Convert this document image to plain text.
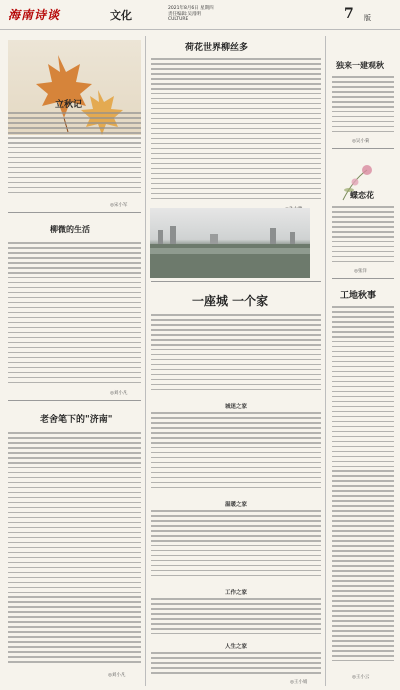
海南诗谈	文化
2021年8月6日 星期四
责任编辑:吴漫明
CULTURE	7 版
立秋记
◎宋小军
柳微的生活
◎刘小凡
老舍笔下的"济南"
◎刘小凡
荷花世界柳丝多
一座城 一个家
城迷之家
温暖之家
工作之家
人生之家
◎王小娟
独来一建观秋
◎吴小菊
蝶恋花
◎张洋
工地秋事
◎王小云
